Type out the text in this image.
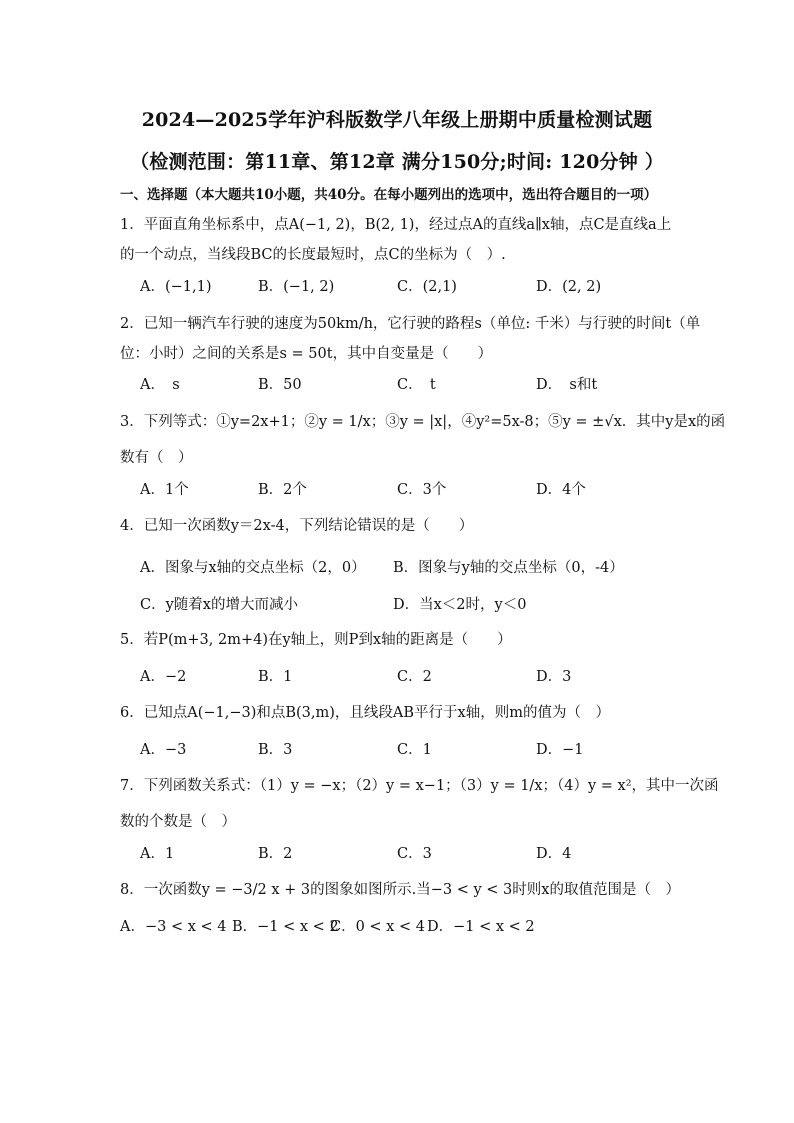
2024—2025学年沪科版数学八年级上册期中质量检测试题
（检测范围：第11章、第12章 满分150分;时间: 120分钟 ）
一、选择题（本大题共10小题，共40分。在每小题列出的选项中，选出符合题目的一项）
1．平面直角坐标系中，点A(−1, 2)，B(2, 1)，经过点A的直线a∥x轴，点C是直线a上
的一个动点，当线段BC的长度最短时，点C的坐标为（　）.
A．(−1,1)	B．(−1, 2)	C．(2,1)	D．(2, 2)
2．已知一辆汽车行驶的速度为50km/h，它行驶的路程s（单位: 千米）与行驶的时间t（单
位：小时）之间的关系是s = 50t，其中自变量是（　　）
A．　s	B．50	C．　t	D．　s和t
3．下列等式：①y=2x+1；②y = 1/x；③y = |x|，④y²=5x-8；⑤y = ±√x．其中y是x的函
数有（　）
A．1个	B．2个	C．3个	D．4个
4．已知一次函数y＝2x-4，下列结论错误的是（　　）
A．图象与x轴的交点坐标（2，0） B．图象与y轴的交点坐标（0，-4）
C．y随着x的增大而减小	D．当x＜2时，y＜0
5．若P(m+3, 2m+4)在y轴上，则P到x轴的距离是（　　）
A．−2	B．1	C．2	D．3
6．已知点A(−1,−3)和点B(3,m)，且线段AB平行于x轴，则m的值为（　）
A．−3	B．3	C．1	D．−1
7．下列函数关系式：（1）y = −x；（2）y = x−1；（3）y = 1/x；（4）y = x²，其中一次函
数的个数是（　）
A．1	B．2	C．3	D．4
8．一次函数y = −3/2 x + 3的图象如图所示.当−3 < y < 3时则x的取值范围是（　）
A．−3 < x < 4 B．−1 < x < 2
C．0 < x < 4 D．−1 < x < 2
